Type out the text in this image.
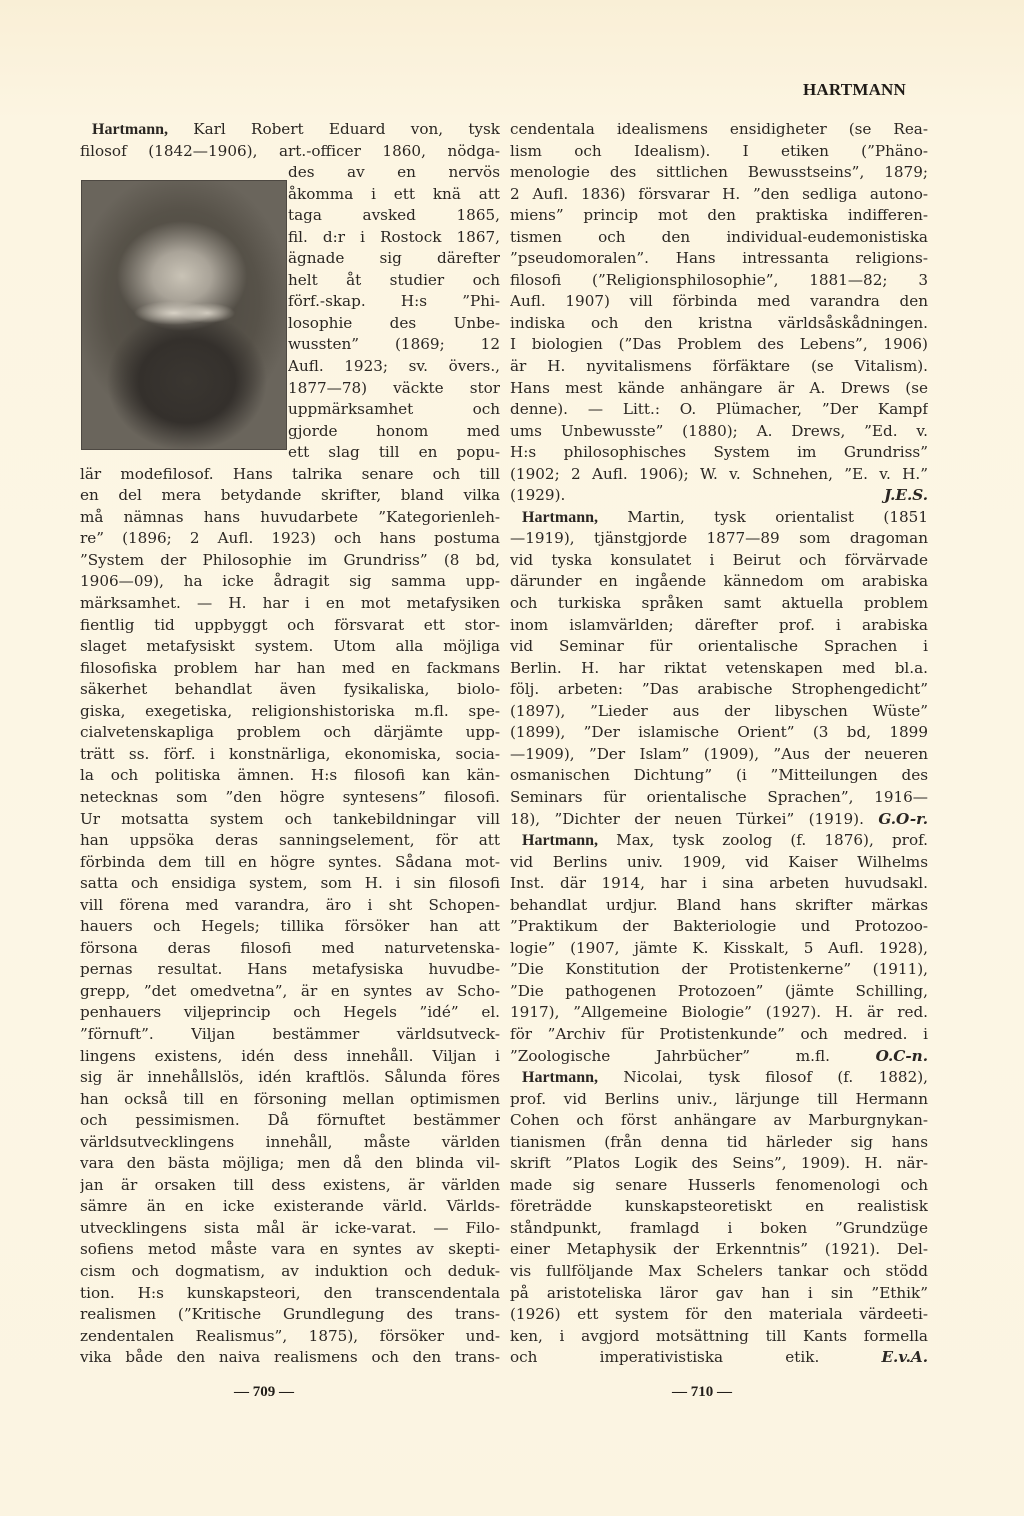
HARTMANN
Hartmann, Karl Robert Eduard von, tysk
filosof (1842—1906), art.-officer 1860, nödga-
des av en nervös
åkomma i ett knä att
taga avsked 1865,
fil. d:r i Rostock 1867,
ägnade sig därefter
helt åt studier och
förf.-skap. H:s ”Phi-
losophie des Unbe-
wussten” (1869; 12
Aufl. 1923; sv. övers.,
1877—78) väckte stor
uppmärksamhet och
gjorde honom med
ett slag till en popu-
lär modefilosof. Hans talrika senare och till
en del mera betydande skrifter, bland vilka
må nämnas hans huvudarbete ”Kategorienleh-
re” (1896; 2 Aufl. 1923) och hans postuma
”System der Philosophie im Grundriss” (8 bd,
1906—09), ha icke ådragit sig samma upp-
märksamhet. — H. har i en mot metafysiken
fientlig tid uppbyggt och försvarat ett stor-
slaget metafysiskt system. Utom alla möjliga
filosofiska problem har han med en fackmans
säkerhet behandlat även fysikaliska, biolo-
giska, exegetiska, religionshistoriska m.fl. spe-
cialvetenskapliga problem och därjämte upp-
trätt ss. förf. i konstnärliga, ekonomiska, socia-
la och politiska ämnen. H:s filosofi kan kän-
netecknas som ”den högre syntesens” filosofi.
Ur motsatta system och tankebildningar vill
han uppsöka deras sanningselement, för att
förbinda dem till en högre syntes. Sådana mot-
satta och ensidiga system, som H. i sin filosofi
vill förena med varandra, äro i sht Schopen-
hauers och Hegels; tillika försöker han att
försona deras filosofi med naturvetenska-
pernas resultat. Hans metafysiska huvudbe-
grepp, ”det omedvetna”, är en syntes av Scho-
penhauers viljeprincip och Hegels ”idé” el.
”förnuft”. Viljan bestämmer världsutveck-
lingens existens, idén dess innehåll. Viljan i
sig är innehållslös, idén kraftlös. Sålunda föres
han också till en försoning mellan optimismen
och pessimismen. Då förnuftet bestämmer
världsutvecklingens innehåll, måste världen
vara den bästa möjliga; men då den blinda vil-
jan är orsaken till dess existens, är världen
sämre än en icke existerande värld. Världs-
utvecklingens sista mål är icke-varat. — Filo-
sofiens metod måste vara en syntes av skepti-
cism och dogmatism, av induktion och deduk-
tion. H:s kunskapsteori, den transcendentala
realismen (”Kritische Grundlegung des trans-
zendentalen Realismus”, 1875), försöker und-
vika både den naiva realismens och den trans-
cendentala idealismens ensidigheter (se Rea-
lism och Idealism). I etiken (”Phäno-
menologie des sittlichen Bewusstseins”, 1879;
2 Aufl. 1836) försvarar H. ”den sedliga autono-
miens” princip mot den praktiska indifferen-
tismen och den individual-eudemonistiska
”pseudomoralen”. Hans intressanta religions-
filosofi (”Religionsphilosophie”, 1881—82; 3
Aufl. 1907) vill förbinda med varandra den
indiska och den kristna världsåskådningen.
I biologien (”Das Problem des Lebens”, 1906)
är H. nyvitalismens förfäktare (se Vitalism).
Hans mest kände anhängare är A. Drews (se
denne). — Litt.: O. Plümacher, ”Der Kampf
ums Unbewusste” (1880); A. Drews, ”Ed. v.
H:s philosophisches System im Grundriss”
(1902; 2 Aufl. 1906); W. v. Schnehen, ”E. v. H.”
(1929).	J.E.S.
Hartmann, Martin, tysk orientalist (1851
—1919), tjänstgjorde 1877—89 som dragoman
vid tyska konsulatet i Beirut och förvärvade
därunder en ingående kännedom om arabiska
och turkiska språken samt aktuella problem
inom islamvärlden; därefter prof. i arabiska
vid Seminar für orientalische Sprachen i
Berlin. H. har riktat vetenskapen med bl.a.
följ. arbeten: ”Das arabische Strophengedicht”
(1897), ”Lieder aus der libyschen Wüste”
(1899), ”Der islamische Orient” (3 bd, 1899
—1909), ”Der Islam” (1909), ”Aus der neueren
osmanischen Dichtung” (i ”Mitteilungen des
Seminars für orientalische Sprachen”, 1916—
18), ”Dichter der neuen Türkei” (1919). G.O-r.
Hartmann, Max, tysk zoolog (f. 1876), prof.
vid Berlins univ. 1909, vid Kaiser Wilhelms
Inst. där 1914, har i sina arbeten huvudsakl.
behandlat urdjur. Bland hans skrifter märkas
”Praktikum der Bakteriologie und Protozoo-
logie” (1907, jämte K. Kisskalt, 5 Aufl. 1928),
”Die Konstitution der Protistenkerne” (1911),
”Die pathogenen Protozoen” (jämte Schilling,
1917), ”Allgemeine Biologie” (1927). H. är red.
för ”Archiv für Protistenkunde” och medred. i
”Zoologische Jahrbücher” m.fl.	O.C-n.
Hartmann, Nicolai, tysk filosof (f. 1882),
prof. vid Berlins univ., lärjunge till Hermann
Cohen och först anhängare av Marburgnykan-
tianismen (från denna tid härleder sig hans
skrift ”Platos Logik des Seins”, 1909). H. när-
made sig senare Husserls fenomenologi och
företrädde kunskapsteoretiskt en realistisk
ståndpunkt, framlagd i boken ”Grundzüge
einer Metaphysik der Erkenntnis” (1921). Del-
vis fullföljande Max Schelers tankar och stödd
på aristoteliska läror gav han i sin ”Ethik”
(1926) ett system för den materiala värdeeti-
ken, i avgjord motsättning till Kants formella
och imperativistiska etik.	E.v.A.
— 709 —	— 710 —
